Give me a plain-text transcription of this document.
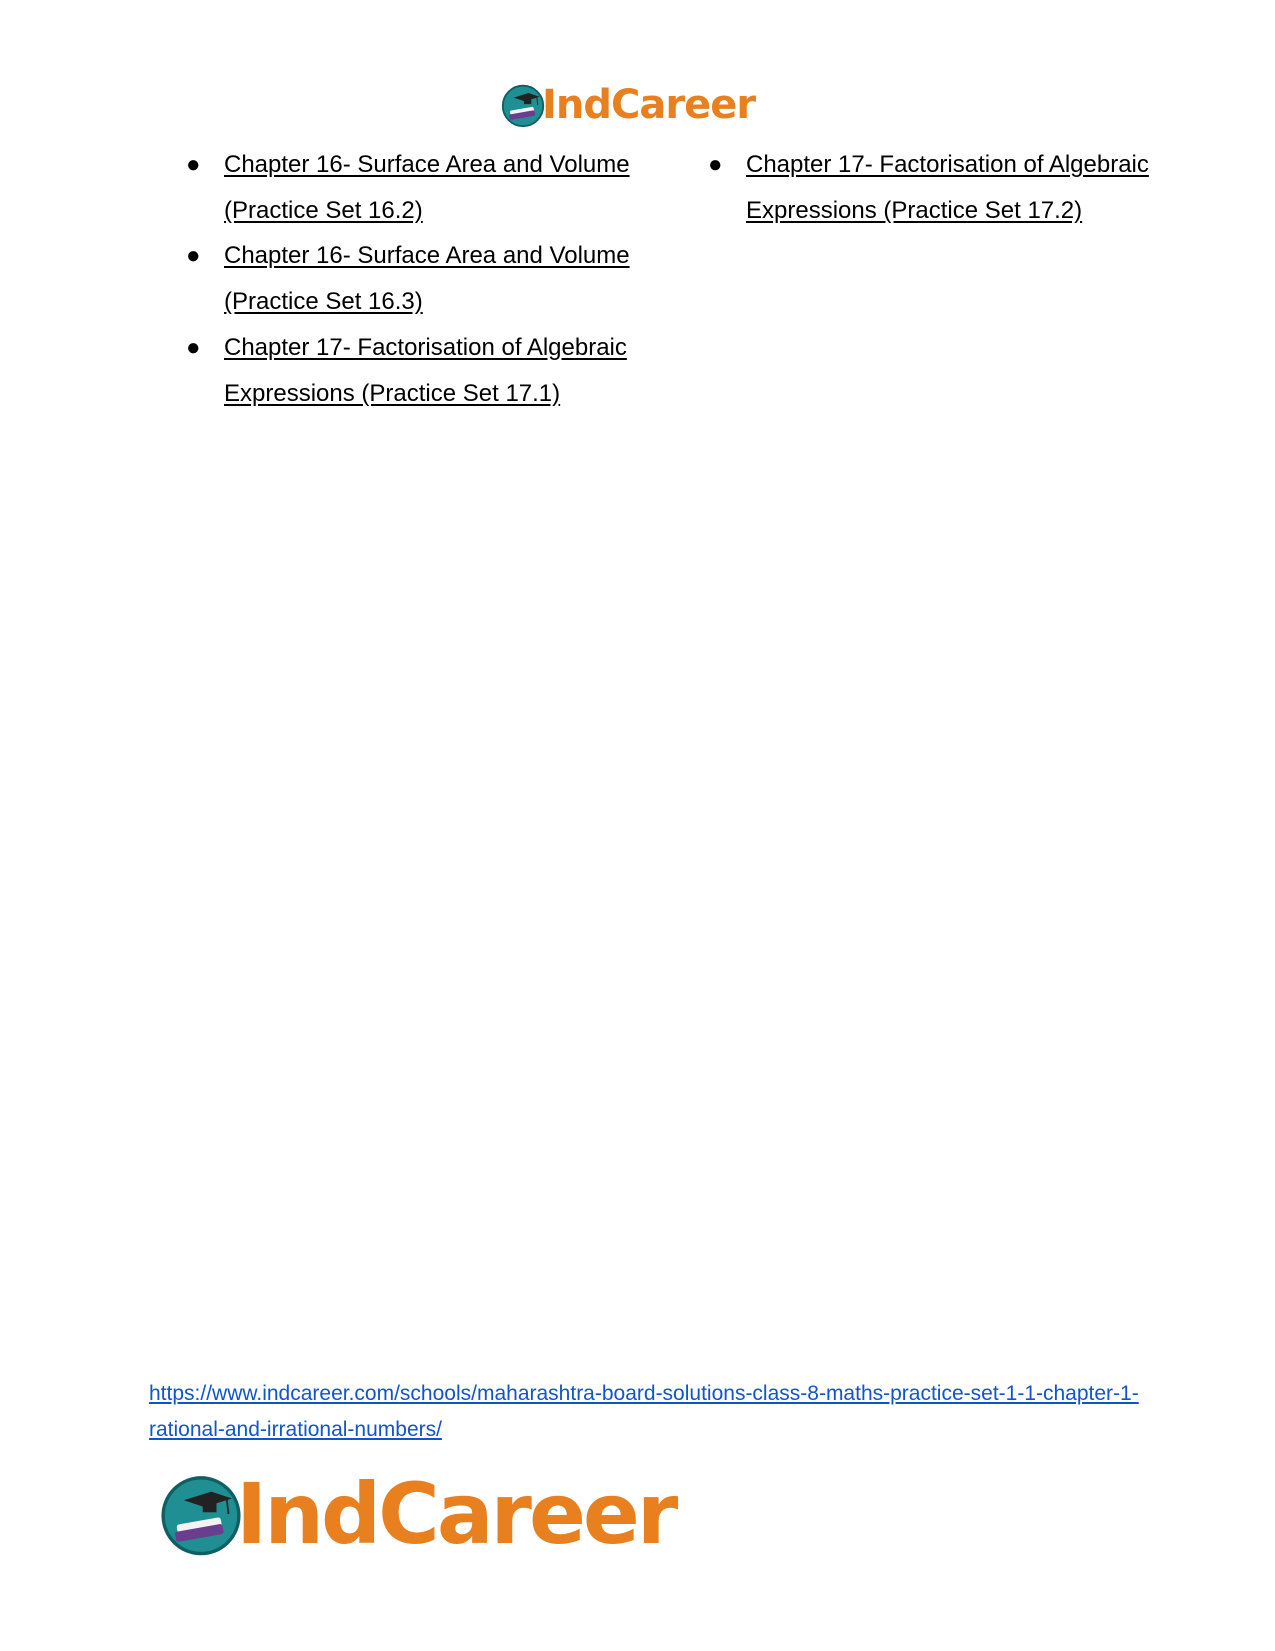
IndCareer
● Chapter 16- Surface Area and Volume (Practice Set 16.2)
● Chapter 16- Surface Area and Volume (Practice Set 16.3)
● Chapter 17- Factorisation of Algebraic Expressions (Practice Set 17.1)
● Chapter 17- Factorisation of Algebraic Expressions (Practice Set 17.2)
https://www.indcareer.com/schools/maharashtra-board-solutions-class-8-maths-practice-set-1-1-chapter-1-rational-and-irrational-numbers/
IndCareer
